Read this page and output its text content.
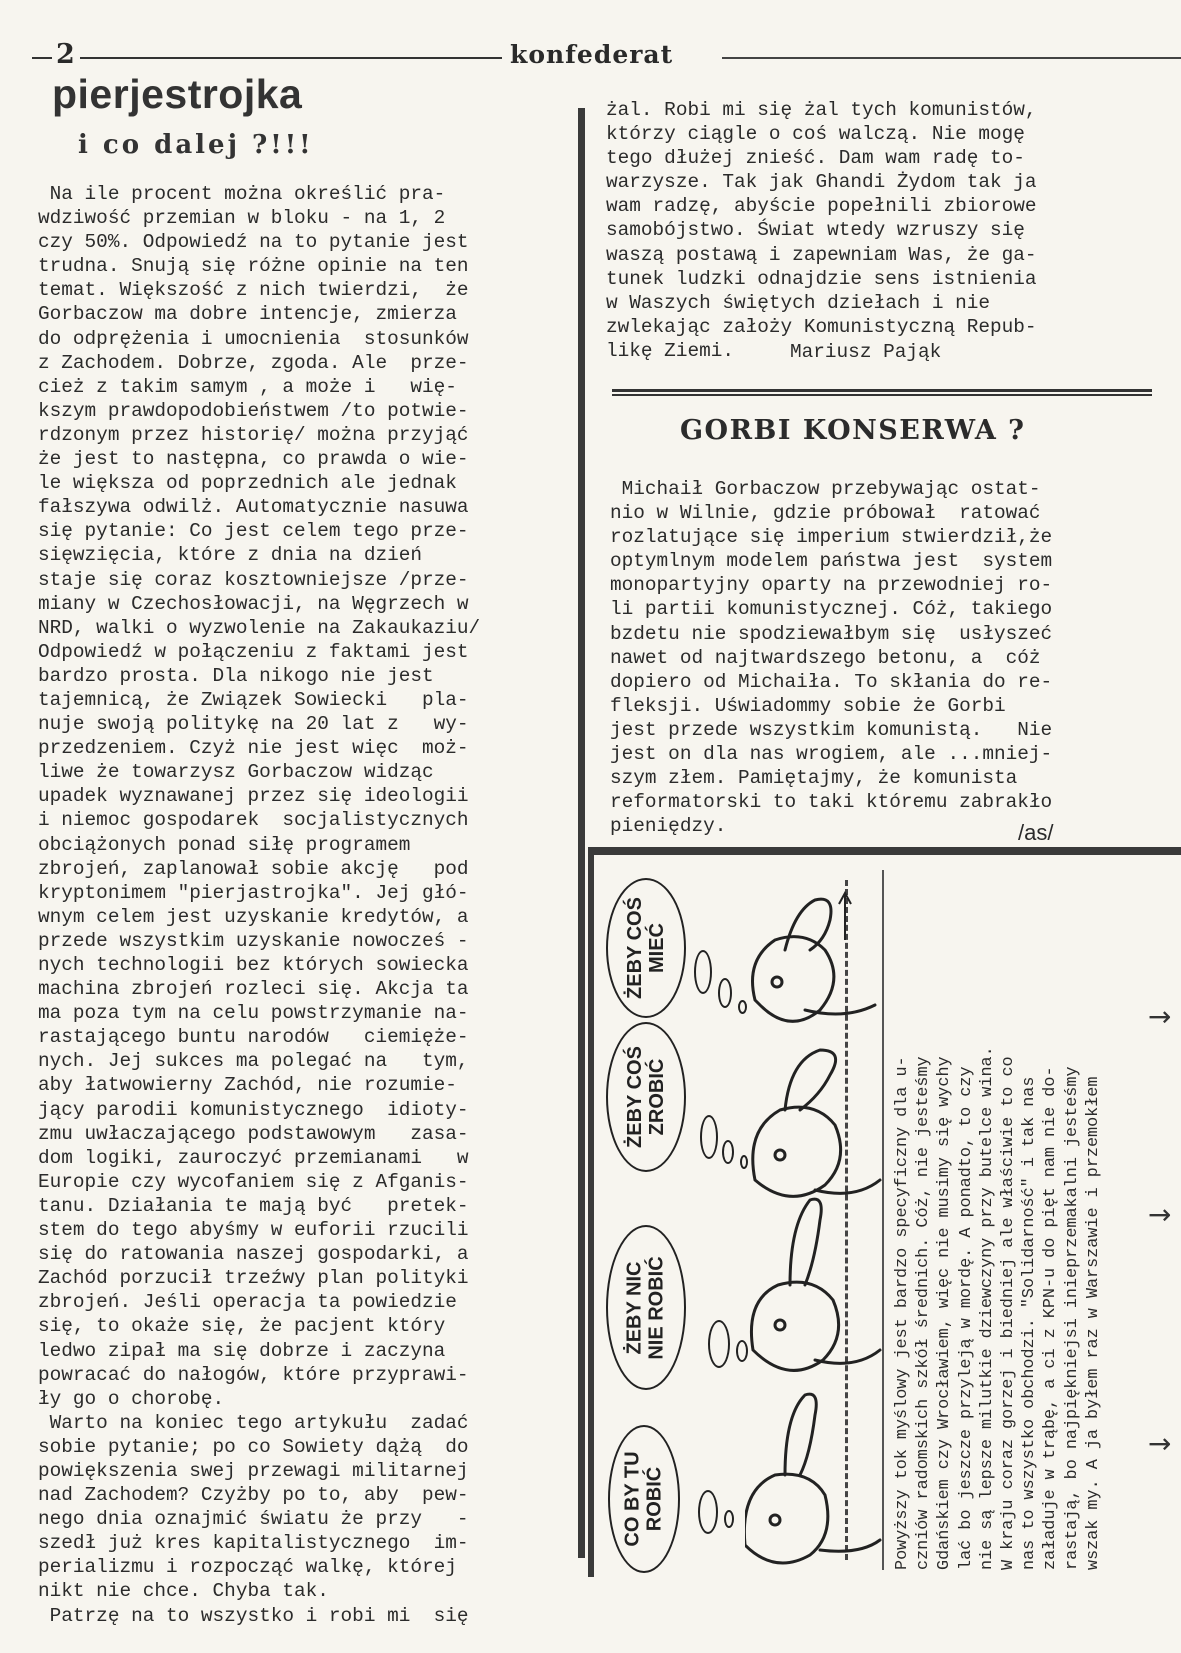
2	konfederat
pierjestrojka
i co dalej ?!!!
Na ile procent można określić pra-
wdziwość przemian w bloku - na 1, 2
czy 50%. Odpowiedź na to pytanie jest
trudna. Snują się różne opinie na ten
temat. Większość z nich twierdzi,  że
Gorbaczow ma dobre intencje, zmierza
do odprężenia i umocnienia  stosunków
z Zachodem. Dobrze, zgoda. Ale  prze-
cież z takim samym , a może i   wię-
kszym prawdopodobieństwem /to potwie-
rdzonym przez historię/ można przyjąć
że jest to następna, co prawda o wie-
le większa od poprzednich ale jednak
fałszywa odwilż. Automatycznie nasuwa
się pytanie: Co jest celem tego prze-
sięwzięcia, które z dnia na dzień
staje się coraz kosztowniejsze /prze-
miany w Czechosłowacji, na Węgrzech w
NRD, walki o wyzwolenie na Zakaukaziu/
Odpowiedź w połączeniu z faktami jest
bardzo prosta. Dla nikogo nie jest
tajemnicą, że Związek Sowiecki   pla-
nuje swoją politykę na 20 lat z   wy-
przedzeniem. Czyż nie jest więc  moż-
liwe że towarzysz Gorbaczow widząc
upadek wyznawanej przez się ideologii
i niemoc gospodarek  socjalistycznych
obciążonych ponad siłę programem
zbrojeń, zaplanował sobie akcję   pod
kryptonimem "pierjastrojka". Jej głó-
wnym celem jest uzyskanie kredytów, a
przede wszystkim uzyskanie nowocześ -
nych technologii bez których sowiecka
machina zbrojeń rozleci się. Akcja ta
ma poza tym na celu powstrzymanie na-
rastającego buntu narodów   ciemięże-
nych. Jej sukces ma polegać na   tym,
aby łatwowierny Zachód, nie rozumie-
jący parodii komunistycznego  idioty-
zmu uwłaczającego podstawowym   zasa-
dom logiki, zauroczyć przemianami   w
Europie czy wycofaniem się z Afganis-
tanu. Działania te mają być   pretek-
stem do tego abyśmy w euforii rzucili
się do ratowania naszej gospodarki, a
Zachód porzucił trzeźwy plan polityki
zbrojeń. Jeśli operacja ta powiedzie
się, to okaże się, że pacjent który
ledwo zipał ma się dobrze i zaczyna
powracać do nałogów, które przyprawi-
ły go o chorobę.
Warto na koniec tego artykułu  zadać
sobie pytanie; po co Sowiety dążą  do
powiększenia swej przewagi militarnej
nad Zachodem? Czyżby po to, aby  pew-
nego dnia oznajmić światu że przy   -
szedł już kres kapitalistycznego  im-
perializmu i rozpocząć walkę, której
nikt nie chce. Chyba tak.
Patrzę na to wszystko i robi mi  się
żal. Robi mi się żal tych komunistów,
którzy ciągle o coś walczą. Nie mogę
tego dłużej znieść. Dam wam radę to-
warzysze. Tak jak Ghandi Żydom tak ja
wam radzę, abyście popełnili zbiorowe
samobójstwo. Świat wtedy wzruszy się
waszą postawą i zapewniam Was, że ga-
tunek ludzki odnajdzie sens istnienia
w Waszych świętych dziełach i nie
zwlekając założy Komunistyczną Repub-
likę Ziemi.	Mariusz Pająk
GORBI KONSERWA ?
Michaił Gorbaczow przebywając ostat-
nio w Wilnie, gdzie próbował  ratować
rozlatujące się imperium stwierdził,że
optymlnym modelem państwa jest  system
monopartyjny oparty na przewodniej ro-
li partii komunistycznej. Cóż, takiego
bzdetu nie spodziewałbym się  usłyszeć
nawet od najtwardszego betonu, a  cóż
dopiero od Michaiła. To skłania do re-
fleksji. Uświadommy sobie że Gorbi
jest przede wszystkim komunistą.   Nie
jest on dla nas wrogiem, ale ...mniej-
szym złem. Pamiętajmy, że komunista
reformatorski to taki któremu zabrakło
pieniędzy.	/as/
ŻEBY COŚ
MIEĆ
ŻEBY COŚ
ZROBIĆ
ŻEBY NIC
NIE ROBIĆ
CO BY TU
ROBIĆ	Powyższy tok myślowy jest bardzo specyficzny dla u- czniów radomskich szkół średnich. Cóż, nie jesteśmy Gdańskiem czy Wrocławiem, więc nie musimy się wychy lać bo jeszcze przyleją w mordę. A ponadto, to czy nie są lepsze milutkie dziewczyny przy butelce wina. W kraju coraz gorzej i biedniej ale właściwie to co nas to wszystko obchodzi. "Solidarność" i tak nas załaduje w trąbę, a ci z KPN-u do pięt nam nie do- rastają, bo najpiękniejsi inieprzemakalni jesteśmy wszak my. A ja byłem raz w Warszawie i przemokłem
→
→
→
